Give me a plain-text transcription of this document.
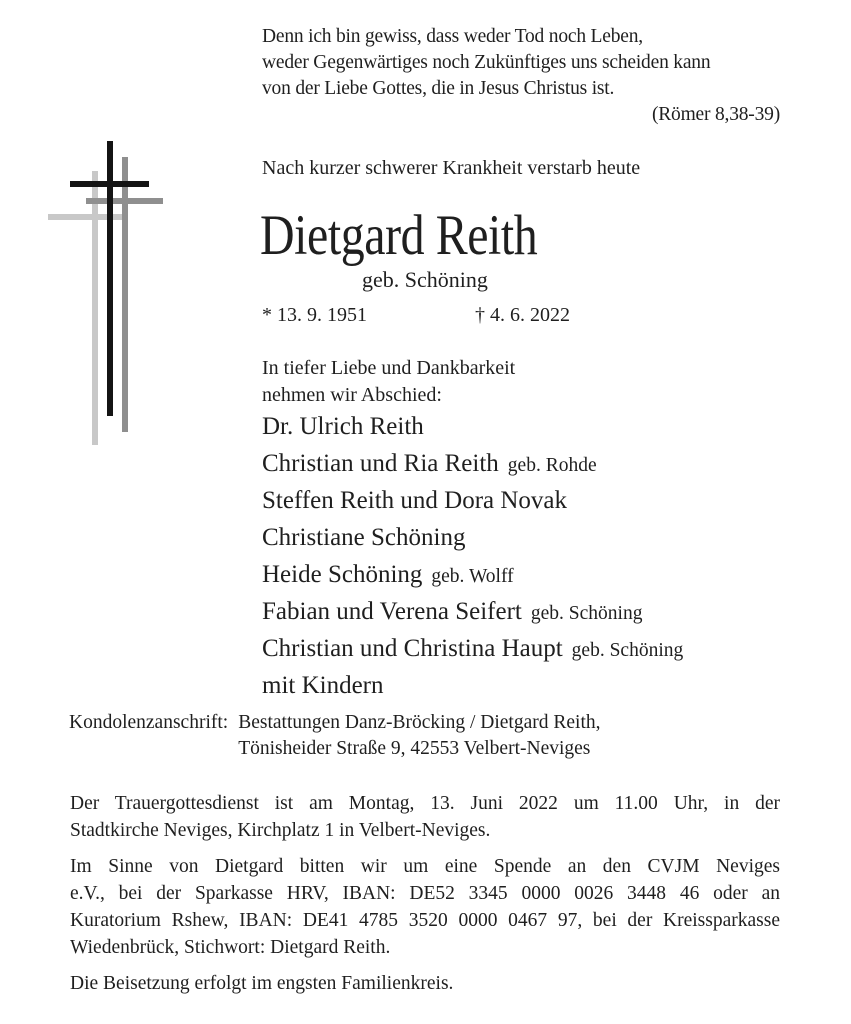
Denn ich bin gewiss, dass weder Tod noch Leben,
weder Gegenwärtiges noch Zukünftiges uns scheiden kann
von der Liebe Gottes, die in Jesus Christus ist.
(Römer 8,38-39)
Nach kurzer schwerer Krankheit verstarb heute
Dietgard Reith
geb. Schöning
* 13. 9. 1951	† 4. 6. 2022
In tiefer Liebe und Dankbarkeit
nehmen wir Abschied:
Dr. Ulrich Reith
Christian und Ria Reith geb. Rohde
Steffen Reith und Dora Novak
Christiane Schöning
Heide Schöning geb. Wolff
Fabian und Verena Seifert geb. Schöning
Christian und Christina Haupt geb. Schöning
mit Kindern
Kondolenzanschrift: Bestattungen Danz-Bröcking / Dietgard Reith,
Tönisheider Straße 9, 42553 Velbert-Neviges
Der Trauergottesdienst ist am Montag, 13. Juni 2022 um 11.00 Uhr, in der
Stadtkirche Neviges, Kirchplatz 1 in Velbert-Neviges.
Im Sinne von Dietgard bitten wir um eine Spende an den CVJM Neviges
e.V., bei der Sparkasse HRV, IBAN: DE52 3345 0000 0026 3448 46 oder an
Kuratorium Rshew, IBAN: DE41 4785 3520 0000 0467 97, bei der Kreissparkasse
Wiedenbrück, Stichwort: Dietgard Reith.
Die Beisetzung erfolgt im engsten Familienkreis.
